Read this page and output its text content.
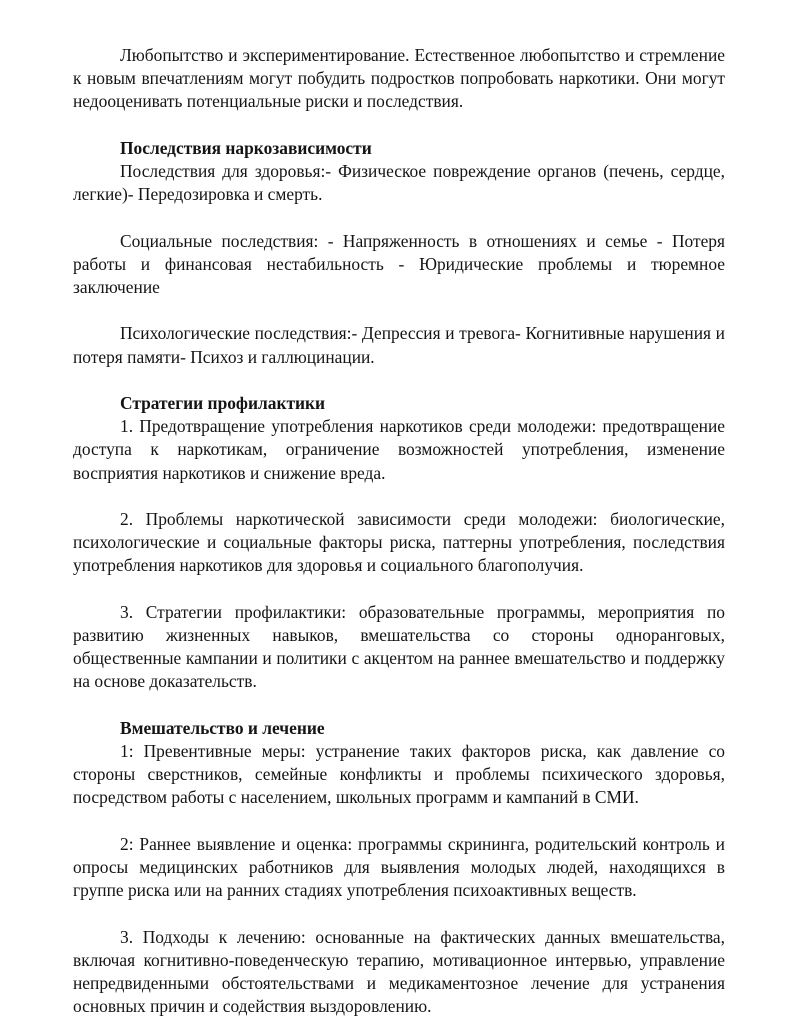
Любопытство и экспериментирование. Естественное любопытство и стремление к новым впечатлениям могут побудить подростков попробовать наркотики. Они могут недооценивать потенциальные риски и последствия.

Последствия наркозависимости

Последствия для здоровья:- Физическое повреждение органов (печень, сердце, легкие)- Передозировка и смерть.

Социальные последствия: - Напряженность в отношениях и семье - Потеря работы и финансовая нестабильность - Юридические проблемы и тюремное заключение

Психологические последствия:- Депрессия и тревога- Когнитивные нарушения и потеря памяти- Психоз и галлюцинации.

Стратегии профилактики

1. Предотвращение употребления наркотиков среди молодежи: предотвращение доступа к наркотикам, ограничение возможностей употребления, изменение восприятия наркотиков и снижение вреда.

2. Проблемы наркотической зависимости среди молодежи: биологические, психологические и социальные факторы риска, паттерны употребления, последствия употребления наркотиков для здоровья и социального благополучия.

3. Стратегии профилактики: образовательные программы, мероприятия по развитию жизненных навыков, вмешательства со стороны одноранговых, общественные кампании и политики с акцентом на раннее вмешательство и поддержку на основе доказательств.

Вмешательство и лечение

1: Превентивные меры: устранение таких факторов риска, как давление со стороны сверстников, семейные конфликты и проблемы психического здоровья, посредством работы с населением, школьных программ и кампаний в СМИ.

2: Раннее выявление и оценка: программы скрининга, родительский контроль и опросы медицинских работников для выявления молодых людей, находящихся в группе риска или на ранних стадиях употребления психоактивных веществ.

3. Подходы к лечению: основанные на фактических данных вмешательства, включая когнитивно-поведенческую терапию, мотивационное интервью, управление непредвиденными обстоятельствами и медикаментозное лечение для устранения основных причин и содействия выздоровлению.
